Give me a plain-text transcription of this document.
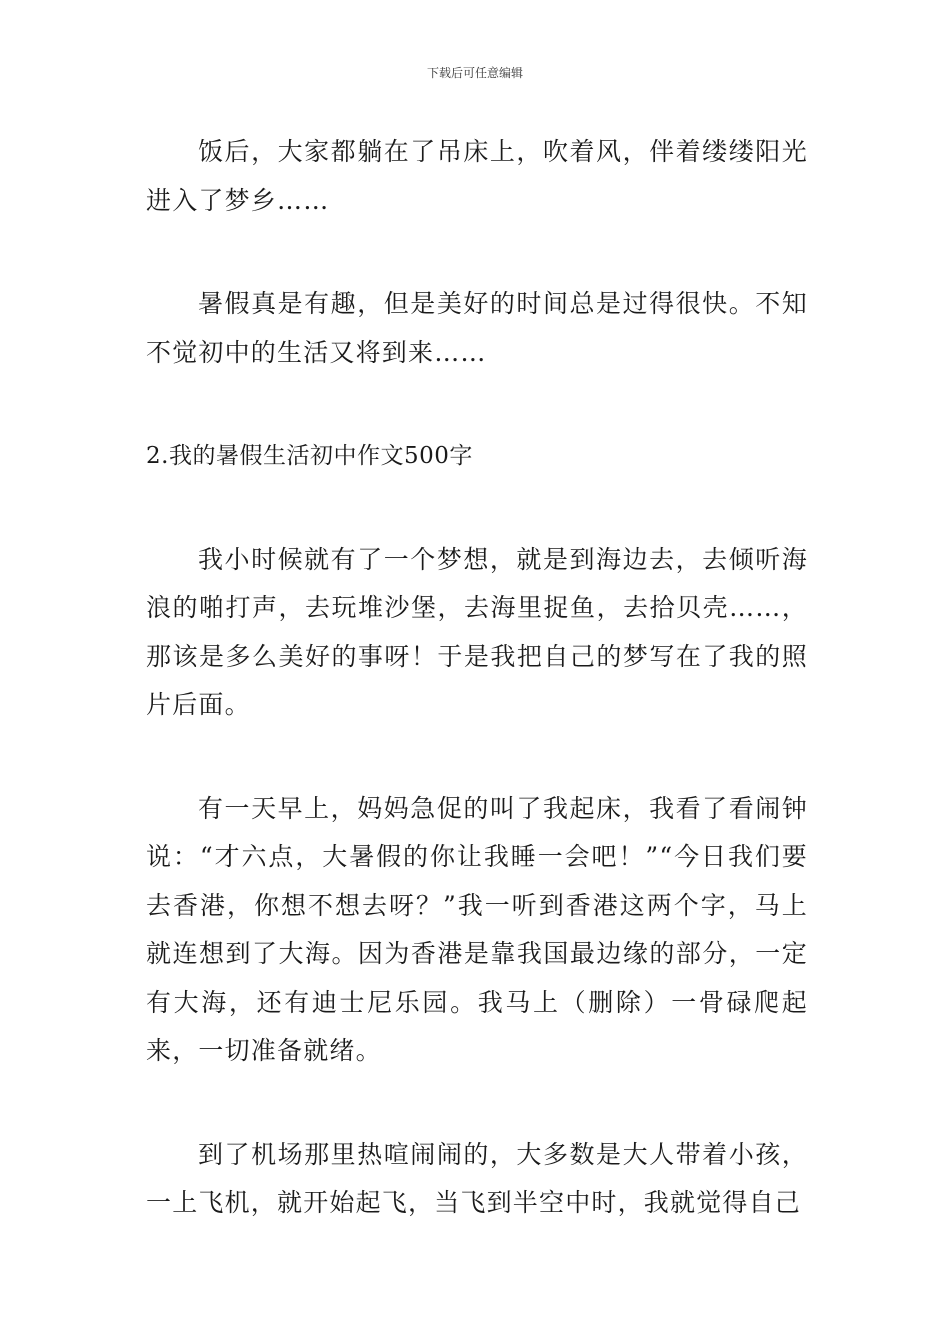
下载后可任意编辑

饭后，大家都躺在了吊床上，吹着风，伴着缕缕阳光进入了梦乡……

暑假真是有趣，但是美好的时间总是过得很快。不知不觉初中的生活又将到来……

2.我的暑假生活初中作文500字

我小时候就有了一个梦想，就是到海边去，去倾听海浪的啪打声，去玩堆沙堡，去海里捉鱼，去拾贝壳……，那该是多么美好的事呀！于是我把自己的梦写在了我的照片后面。

有一天早上，妈妈急促的叫了我起床，我看了看闹钟说：“才六点，大暑假的你让我睡一会吧！”“今日我们要去香港，你想不想去呀？”我一听到香港这两个字，马上就连想到了大海。因为香港是靠我国最边缘的部分，一定有大海，还有迪士尼乐园。我马上（删除）一骨碌爬起来，一切准备就绪。

到了机场那里热喧闹闹的，大多数是大人带着小孩，一上飞机，就开始起飞，当飞到半空中时，我就觉得自己
